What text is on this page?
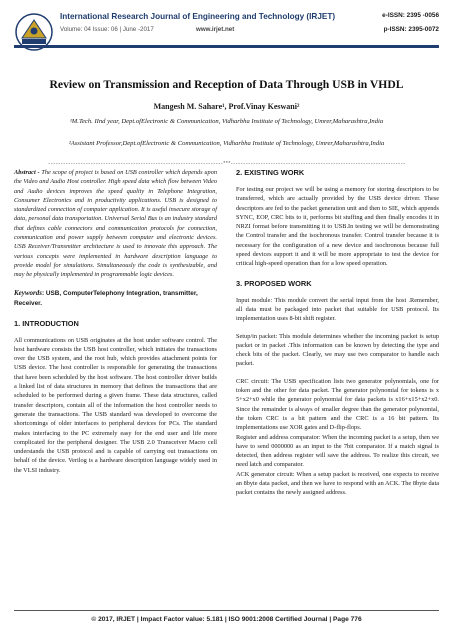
International Research Journal of Engineering and Technology (IRJET)
Volume: 04 Issue: 06 | June -2017	www.irjet.net
e-ISSN: 2395 -0056
p-ISSN: 2395-0072
Review on Transmission and Reception of Data Through USB in VHDL
Mangesh M. Sahare¹, Prof.Vinay Keswani²
¹M.Tech. IInd year, Dept.ofElectronic & Communication, Vidharbha Institute of Technology, Umrer,Maharashtra,India
²Assistant Professor,Dept.ofElectronic & Communication, Vidharbha Institute of Technology, Umrer,Maharashtra,India
----------------------------------------------------------------------***----------------------------------------------------------------------

Abstract - The scope of project is based on USB controller which depends upon the Video and Audio Host controller. High speed data which flow between Video and Audio devices improves the speed quality in Telephone Integration, Consumer Electronics and in productivity applications. USB is designed to standardized connection of computer application. It is useful insecure storage of data, personal data transportation. Universal Serial Bus is an industry standard that defines cable connectors and communication protocols for connection, communication and power supply between computer and electronic devices. USB Receiver/Transmitter architecture is used to innovate this approach. The various concepts were implemented in hardware description language to provide model for simulations. Simultaneously the code is synthesizable, and may be physically implemented in programmable logic devices.

Keywords: USB, ComputerTelephony Integration, transmitter, Receiver.

1. INTRODUCTION

All communications on USB originates at the host under software control. The host hardware consists the USB host controller, which initiates the transactions over the USB system, and the root hub, which provides attachment points for USB device. The host controller is responsible for generating the transactions that have been scheduled by the host software. The host controller driver builds a linked list of data structures in memory that defines the transactions that are scheduled to be performed during a given frame. These data structures, called transfer descriptors, contain all of the information the host controller needs to generate the transactions. The USB standard was developed to overcome the shortcomings of older interfaces to peripheral devices for PCs. The standard makes interfacing to the PC extremely easy for the end user and life more complicated for the peripheral designer. The USB 2.0 Transceiver Macro cell understands the USB protocol and is capable of carrying out transactions on behalf of the device. Verilog is a hardware description language widely used in the VLSI industry.

2. EXISTING WORK

For testing our project we will be using a memory for storing descriptors to be transferred, which are actually provided by the USB device driver. These descriptors are fed to the packet generation unit and then to SIE, which appends SYNC, EOP, CRC bits to it, performs bit stuffing and then finally encodes it in NRZI format before transmitting it to USB.In testing we will be demonstrating the Control transfer and the isochronous transfer. Control transfer because it is necessary for the configuration of a new device and isochronous because full speed devices support it and it will be more appropriate to test the device for critical high-speed operation than for a low speed operation.

3. PROPOSED WORK

Input module: This module convert the serial input from the host .Remember, all data must be packaged into packet that suitable for USB protocol. Its implementation uses 8-bit shift register.

Setup/in packet: This module determines whether the incoming packet is setup packet or in packet .This information can be known by detecting the type and check bits of the packet. Clearly, we may use two comparator to handle each packet.

CRC circuit: The USB specification lists two generator polynomials, one for token and the other for data packet. The generator polynomial for tokens is x 5+x2+x0 while the generator polynomial for data packets is x16+x15+x2+x0. Since the remainder is always of smaller degree than the generator polynomial, the token CRC is a bit pattern and the CRC is a 16 bit pattern. Its implementations use XOR gates and D-flip-flops.

Register and address comparator: When the incoming packet is a setup, then we have to send 0000000 as an input to the 7bit comparator. If a match signal is detected, then address register will save the address. To realize this circuit, we need latch and comparator.

ACK generator circuit: When a setup packet is received, one expects to receive an 8byte data packet, and then we have to respond with an ACK. The 8byte data packet contains the newly assigned address.

© 2017, IRJET | Impact Factor value: 5.181 | ISO 9001:2008 Certified Journal | Page 776
